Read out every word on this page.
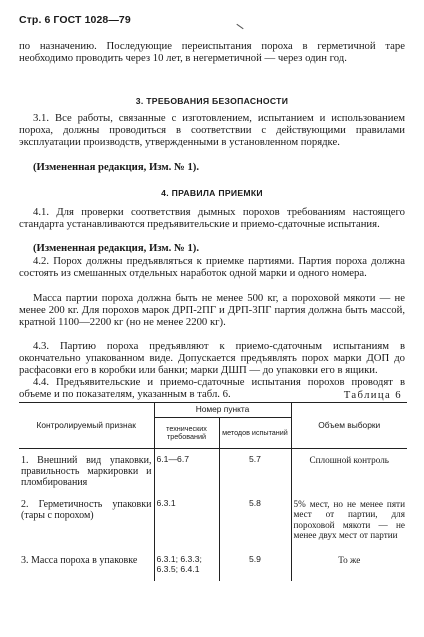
Стр. 6 ГОСТ 1028—79
по назначению. Последующие переиспытания пороха в герметичной таре необходимо проводить через 10 лет, в негерметичной — через один год.
3. ТРЕБОВАНИЯ БЕЗОПАСНОСТИ
3.1. Все работы, связанные с изготовлением, испытанием и использованием пороха, должны проводиться в соответствии с действующими правилами эксплуатации производств, утвержденными в установленном порядке.
(Измененная редакция, Изм. № 1).
4. ПРАВИЛА ПРИЕМКИ
4.1. Для проверки соответствия дымных порохов требованиям настоящего стандарта устанавливаются предъявительские и приемо-сдаточные испытания.
(Измененная редакция, Изм. № 1).
4.2. Порох должны предъявляться к приемке партиями. Партия пороха должна состоять из смешанных отдельных наработок одной марки и одного номера.
Масса партии пороха должна быть не менее 500 кг, а пороховой мякоти — не менее 200 кг. Для порохов марок ДРП-2ПГ и ДРП-3ПГ партия должна быть массой, кратной 1100—2200 кг (но не менее 2200 кг).
4.3. Партию пороха предъявляют к приемо-сдаточным испытаниям в окончательно упакованном виде. Допускается предъявлять порох марки ДОП до расфасовки его в коробки или банки; марки ДШП — до упаковки его в ящики.
4.4. Предъявительские и приемо-сдаточные испытания порохов проводят в объеме и по показателям, указанным в табл. 6.	Таблица 6
Контролируемый признак	Номер пункта		Объем выборки
	технических требований	методов испытаний	
1. Внешний вид упаковки, правильность маркировки и пломбирования	6.1—6.7	5.7	Сплошной контроль
2. Герметичность упаковки (тары с порохом)	6.3.1	5.8	5% мест, но не менее пяти мест от партии, для пороховой мякоти — не менее двух мест от партии
3. Масса пороха в упаковке	6.3.1; 6.3.3; 6.3.5; 6.4.1	5.9	То же
